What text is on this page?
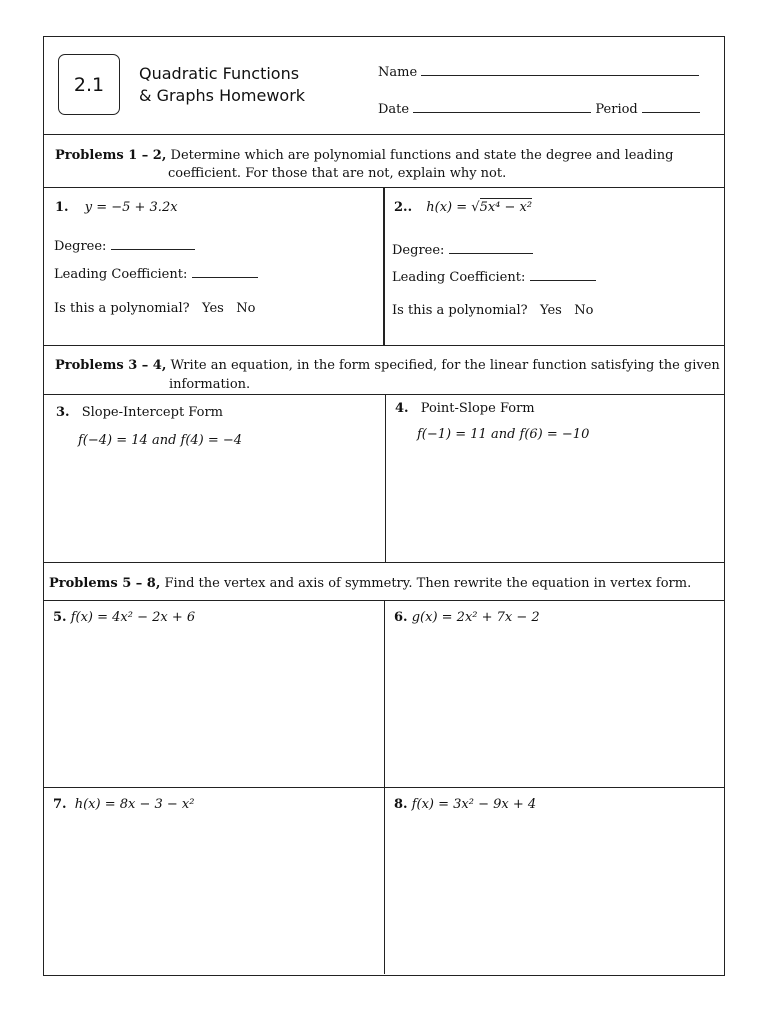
2.1	Quadratic Functions
& Graphs Homework
Name
Date	Period
Problems 1 – 2, Determine which are polynomial functions and state the degree and leading
coefficient. For those that are not, explain why not.
1. y = −5 + 3.2x
Degree:
Leading Coefficient:
Is this a polynomial?   Yes   No
2.. h(x) = √5x⁴ − x²
Degree:
Leading Coefficient:
Is this a polynomial?   Yes   No
Problems 3 – 4, Write an equation, in the form specified, for the linear function satisfying the given
information.
3. Slope-Intercept Form
f(−4) = 14 and f(4) = −4
4. Point-Slope Form
f(−1) = 11 and f(6) = −10
Problems 5 – 8, Find the vertex and axis of symmetry. Then rewrite the equation in vertex form.
5. f(x) = 4x² − 2x + 6	6. g(x) = 2x² + 7x − 2
7. h(x) = 8x − 3 − x²	8. f(x) = 3x² − 9x + 4
